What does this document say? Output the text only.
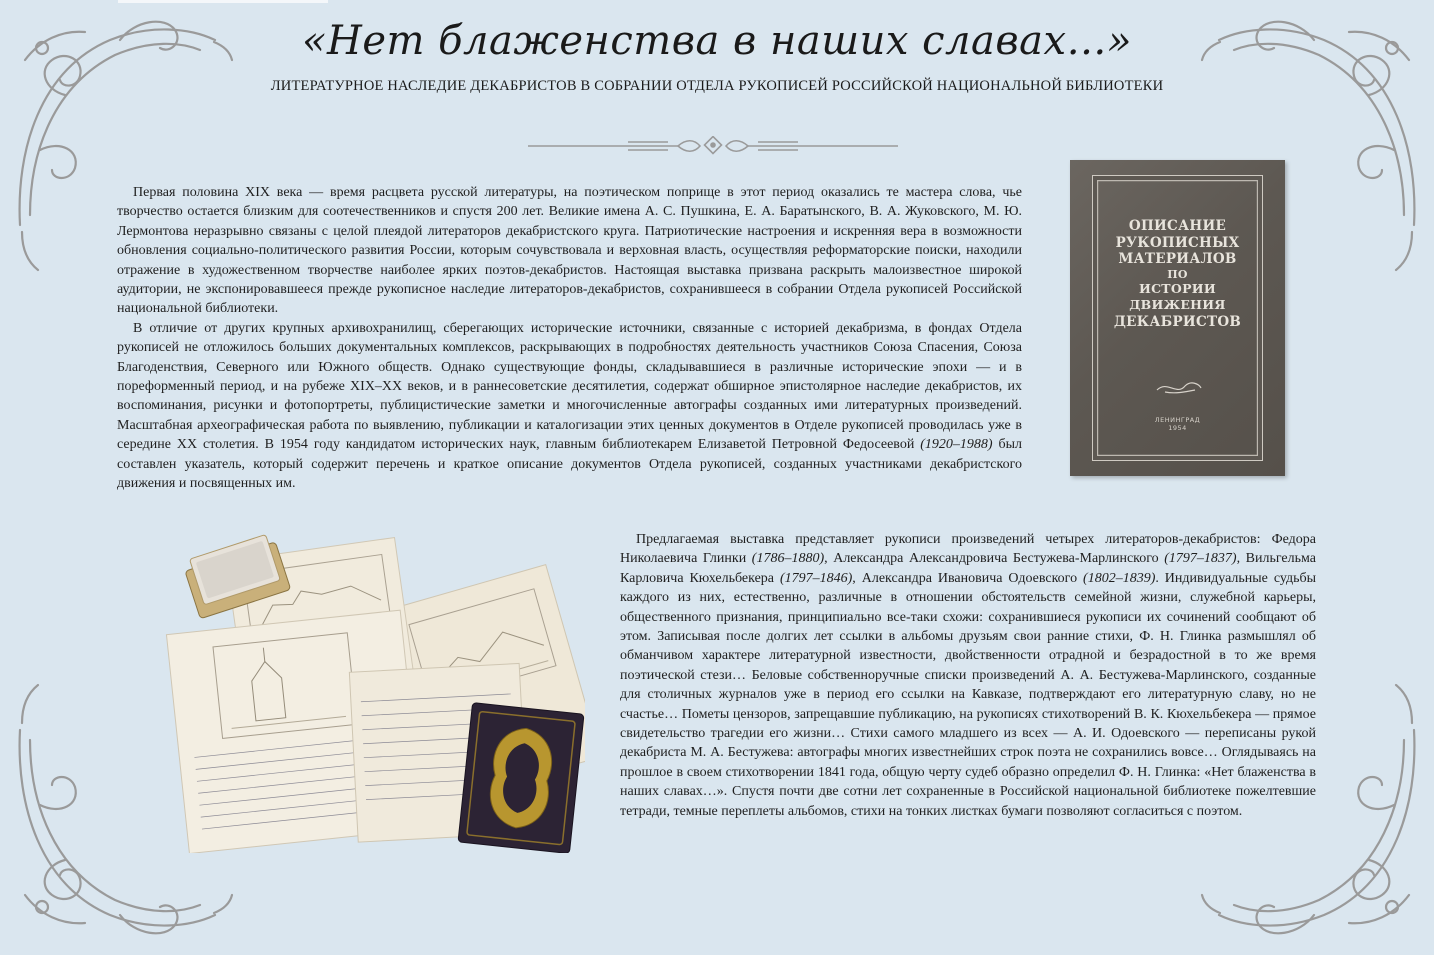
«Нет блаженства в наших славах…»
ЛИТЕРАТУРНОЕ НАСЛЕДИЕ ДЕКАБРИСТОВ В СОБРАНИИ ОТДЕЛА РУКОПИСЕЙ РОССИЙСКОЙ НАЦИОНАЛЬНОЙ БИБЛИОТЕКИ

Первая половина XIX века — время расцвета русской литературы, на поэтическом поприще в этот период оказались те мастера слова, чье творчество остается близким для соотечественников и спустя 200 лет. Великие имена А. С. Пушкина, Е. А. Баратынского, В. А. Жуковского, М. Ю. Лермонтова неразрывно связаны с целой плеядой литераторов декабристского круга. Патриотические настроения и искренняя вера в возможности обновления социально-политического развития России, которым сочувствовала и верховная власть, осуществляя реформаторские поиски, находили отражение в художественном творчестве наиболее ярких поэтов-декабристов. Настоящая выставка призвана раскрыть малоизвестное широкой аудитории, не экспонировавшееся прежде рукописное наследие литераторов-декабристов, сохранившееся в собрании Отдела рукописей Российской национальной библиотеки.

В отличие от других крупных архивохранилищ, сберегающих исторические источники, связанные с историей декабризма, в фондах Отдела рукописей не отложилось больших документальных комплексов, раскрывающих в подробностях деятельность участников Союза Спасения, Союза Благоденствия, Северного или Южного обществ. Однако существующие фонды, складывавшиеся в различные исторические эпохи — и в пореформенный период, и на рубеже XIX–XX веков, и в раннесоветские десятилетия, содержат обширное эпистолярное наследие декабристов, их воспоминания, рисунки и фотопортреты, публицистические заметки и многочисленные автографы созданных ими литературных произведений. Масштабная археографическая работа по выявлению, публикации и каталогизации этих ценных документов в Отделе рукописей проводилась уже в середине XX столетия. В 1954 году кандидатом исторических наук, главным библиотекарем Елизаветой Петровной Федосеевой (1920–1988) был составлен указатель, который содержит перечень и краткое описание документов Отдела рукописей, созданных участниками декабристского движения и посвященных им.

ОПИСАНИЕ
РУКОПИСНЫХ
МАТЕРИАЛОВ
ПО
ИСТОРИИ ДВИЖЕНИЯ
ДЕКАБРИСТОВ
ЛЕНИНГРАД
1954

Предлагаемая выставка представляет рукописи произведений четырех литераторов-декабристов: Федора Николаевича Глинки (1786–1880), Александра Александровича Бестужева-Марлинского (1797–1837), Вильгельма Карловича Кюхельбекера (1797–1846), Александра Ивановича Одоевского (1802–1839). Индивидуальные судьбы каждого из них, естественно, различные в отношении обстоятельств семейной жизни, служебной карьеры, общественного признания, принципиально все-таки схожи: сохранившиеся рукописи их сочинений сообщают об этом. Записывая после долгих лет ссылки в альбомы друзьям свои ранние стихи, Ф. Н. Глинка размышлял об обманчивом характере литературной известности, двойственности отрадной и безрадостной в то же время поэтической стези… Беловые собственноручные списки произведений А. А. Бестужева-Марлинского, созданные для столичных журналов уже в период его ссылки на Кавказе, подтверждают его литературную славу, но не счастье… Пометы цензоров, запрещавшие публикацию, на рукописях стихотворений В. К. Кюхельбекера — прямое свидетельство трагедии его жизни… Стихи самого младшего из всех — А. И. Одоевского — переписаны рукой декабриста М. А. Бестужева: автографы многих известнейших строк поэта не сохранились вовсе… Оглядываясь на прошлое в своем стихотворении 1841 года, общую черту судеб образно определил Ф. Н. Глинка: «Нет блаженства в наших славах…». Спустя почти две сотни лет сохраненные в Российской национальной библиотеке пожелтевшие тетради, темные переплеты альбомов, стихи на тонких листках бумаги позволяют согласиться с поэтом.
